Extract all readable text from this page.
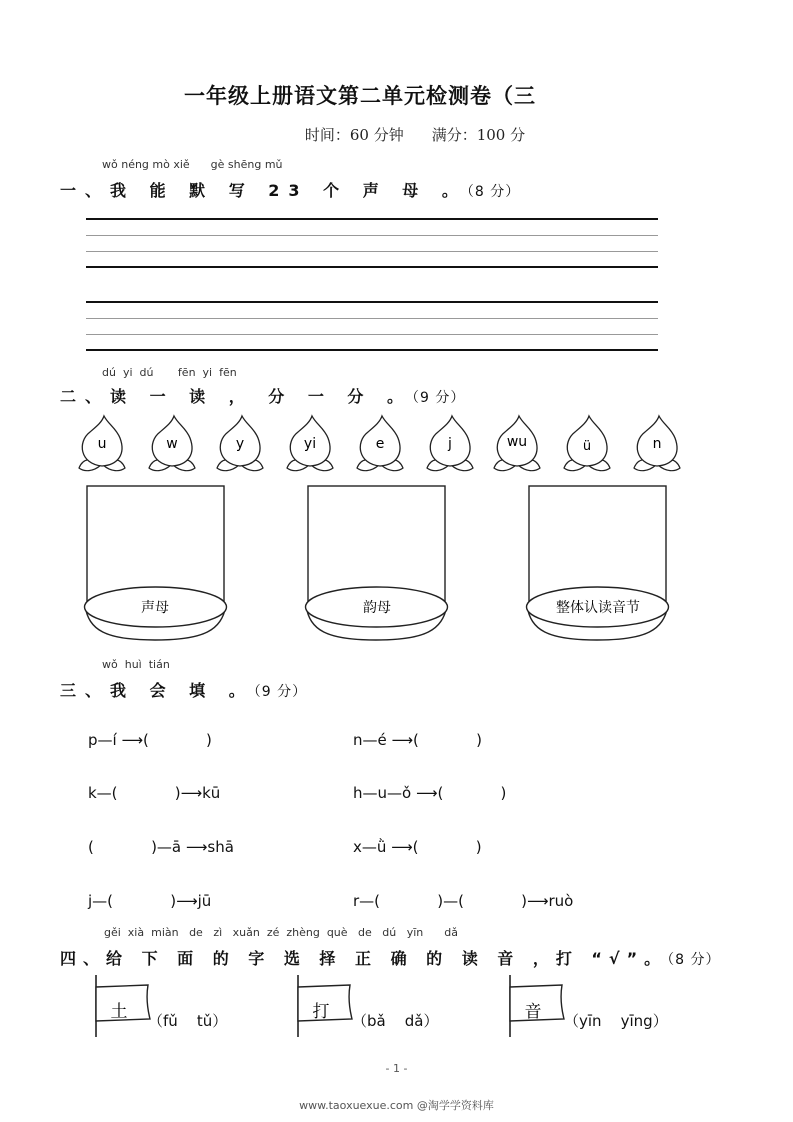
一年级上册语文第二单元检测卷（三
时间：60 分钟 满分：100 分
wǒ néng mò xiě      gè shēng mǔ
一、我 能 默 写 23 个 声 母 。（8 分）
dú  yi  dú       fēn  yi  fēn
二、读 一 读 ， 分 一 分 。（9 分）
u	w	y	yi	e	j	wu	ü	n
声母	韵母	整体认读音节
wǒ  huì  tián
三、我 会 填 。（9 分）
p—í ⟶(            )	n—é ⟶(            )
k—(            )⟶kū	h—u—ǒ ⟶(            )
(            )—ā ⟶shā	x—ǜ ⟶(            )
j—(            )⟶jū	r—(            )—(            )⟶ruò
gěi  xià  miàn   de   zì   xuǎn  zé  zhèng  què   de   dú   yīn      dǎ
四、给 下 面 的 字 选 择 正 确 的 读 音 ，打 “√”。（8 分）
土	打	音
（fǔ    tǔ）	（bǎ    dǎ）	（yīn    yīng）
- 1 -
www.taoxuexue.com @淘学学资料库
